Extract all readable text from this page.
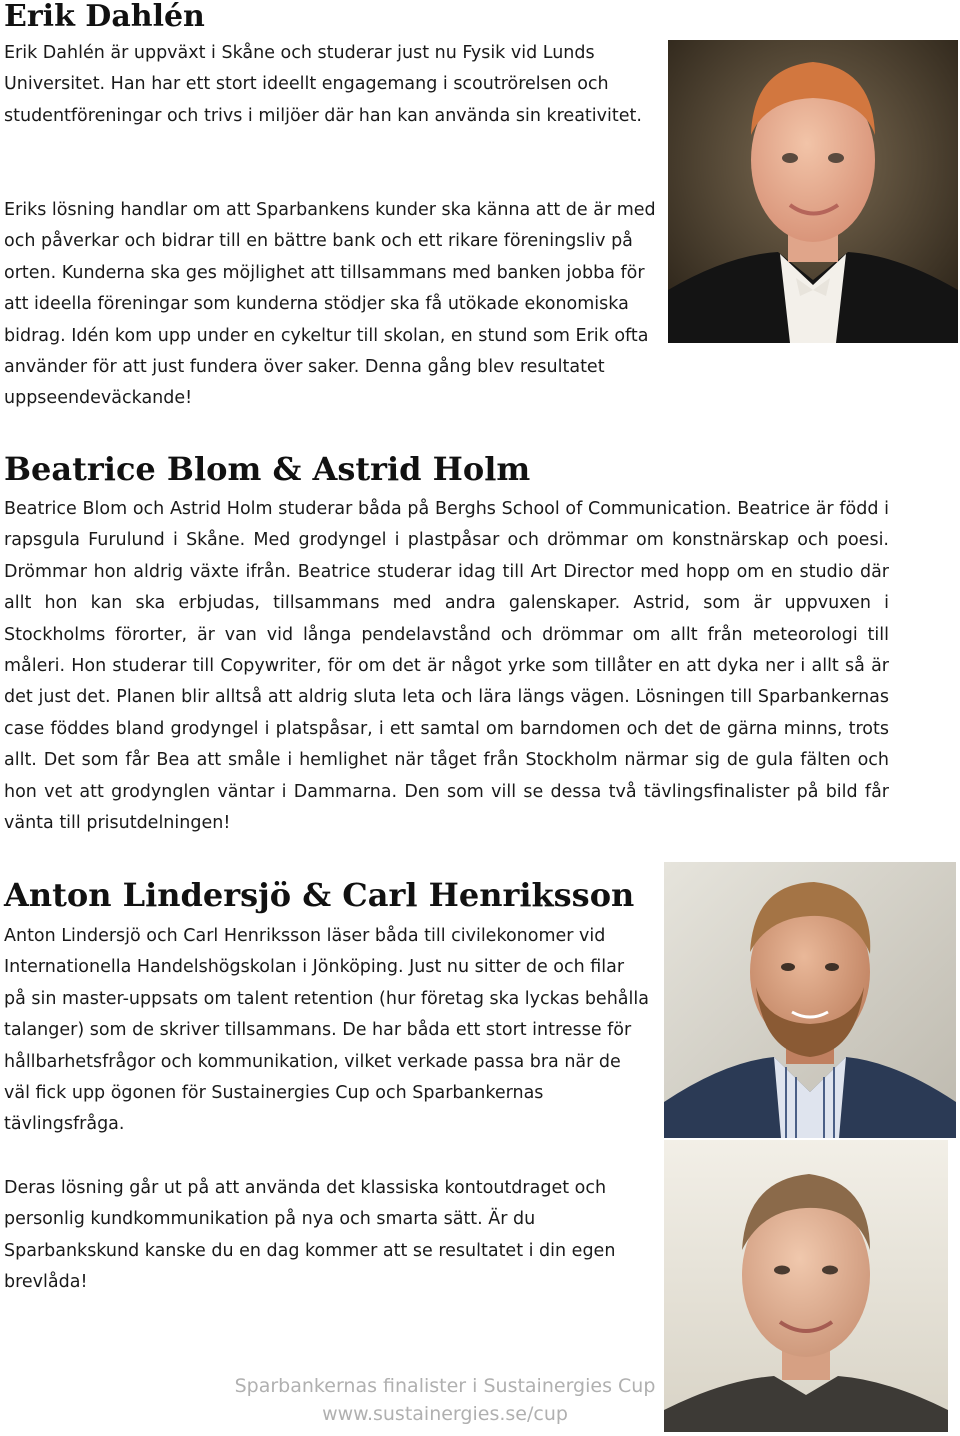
Erik Dahlén

Erik Dahlén är uppväxt i Skåne och studerar just nu Fysik vid Lunds Universitet. Han har ett stort ideellt engagemang i scoutrörelsen och studentföreningar och trivs i miljöer där han kan använda sin kreativitet.

Eriks lösning handlar om att Sparbankens kunder ska känna att de är med och påverkar och bidrar till en bättre bank och ett rikare föreningsliv på orten. Kunderna ska ges möjlighet att tillsammans med banken jobba för att ideella föreningar som kunderna stödjer ska få utökade ekonomiska bidrag. Idén kom upp under en cykeltur till skolan, en stund som Erik ofta använder för att just fundera över saker. Denna gång blev resultatet uppseendeväckande!

Beatrice Blom & Astrid Holm

Beatrice Blom och Astrid Holm studerar båda på Berghs School of Communication. Beatrice är född i rapsgula Furulund i Skåne. Med grodyngel i plastpåsar och drömmar om konstnärskap och poesi. Drömmar hon aldrig växte ifrån. Beatrice studerar idag till Art Director med hopp om en studio där allt hon kan ska erbjudas, tillsammans med andra galenskaper. Astrid, som är uppvuxen i Stockholms förorter, är van vid långa pendelavstånd och drömmar om allt från meteorologi till måleri. Hon studerar till Copywriter, för om det är något yrke som tillåter en att dyka ner i allt så är det just det. Planen blir alltså att aldrig sluta leta och lära längs vägen. Lösningen till Sparbankernas case föddes bland grodyngel i platspåsar, i ett samtal om barndomen och det de gärna minns, trots allt. Det som får Bea att småle i hemlighet när tåget från Stockholm närmar sig de gula fälten och hon vet att grodynglen väntar i Dammarna. Den som vill se dessa två tävlingsfinalister på bild får vänta till prisutdelningen!

Anton Lindersjö & Carl Henriksson

Anton Lindersjö och Carl Henriksson läser båda till civilekonomer vid Internationella Handelshögskolan i Jönköping. Just nu sitter de och filar på sin master-uppsats om talent retention (hur företag ska lyckas behålla talanger) som de skriver tillsammans. De har båda ett stort intresse för hållbarhetsfrågor och kommunikation, vilket verkade passa bra när de väl fick upp ögonen för Sustainergies Cup och Sparbankernas tävlingsfråga.

Deras lösning går ut på att använda det klassiska kontoutdraget och personlig kundkommunikation på nya och smarta sätt. Är du Sparbankskund kanske du en dag kommer att se resultatet i din egen brevlåda!

Sparbankernas finalister i Sustainergies Cup
www.sustainergies.se/cup
